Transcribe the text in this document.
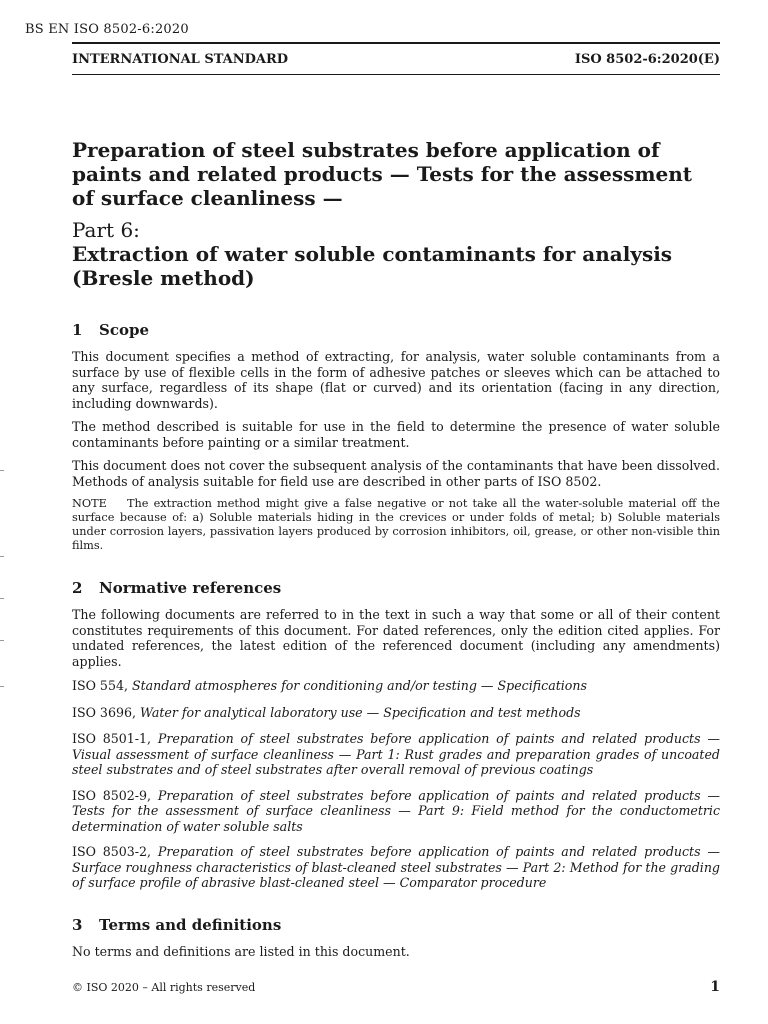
BS EN ISO 8502-6:2020
INTERNATIONAL STANDARD	ISO 8502-6:2020(E)
Preparation of steel substrates before application of paints and related products — Tests for the assessment of surface cleanliness —
Part 6:
Extraction of water soluble contaminants for analysis (Bresle method)
1 Scope

This document specifies a method of extracting, for analysis, water soluble contaminants from a surface by use of flexible cells in the form of adhesive patches or sleeves which can be attached to any surface, regardless of its shape (flat or curved) and its orientation (facing in any direction, including downwards).

The method described is suitable for use in the field to determine the presence of water soluble contaminants before painting or a similar treatment.

This document does not cover the subsequent analysis of the contaminants that have been dissolved. Methods of analysis suitable for field use are described in other parts of ISO 8502.

NOTE The extraction method might give a false negative or not take all the water-soluble material off the surface because of: a) Soluble materials hiding in the crevices or under folds of metal; b) Soluble materials under corrosion layers, passivation layers produced by corrosion inhibitors, oil, grease, or other non-visible thin films.

2 Normative references

The following documents are referred to in the text in such a way that some or all of their content constitutes requirements of this document. For dated references, only the edition cited applies. For undated references, the latest edition of the referenced document (including any amendments) applies.

ISO 554, Standard atmospheres for conditioning and/or testing — Specifications

ISO 3696, Water for analytical laboratory use — Specification and test methods

ISO 8501-1, Preparation of steel substrates before application of paints and related products — Visual assessment of surface cleanliness — Part 1: Rust grades and preparation grades of uncoated steel substrates and of steel substrates after overall removal of previous coatings

ISO 8502-9, Preparation of steel substrates before application of paints and related products — Tests for the assessment of surface cleanliness — Part 9: Field method for the conductometric determination of water soluble salts

ISO 8503-2, Preparation of steel substrates before application of paints and related products — Surface roughness characteristics of blast-cleaned steel substrates — Part 2: Method for the grading of surface profile of abrasive blast-cleaned steel — Comparator procedure

3 Terms and definitions

No terms and definitions are listed in this document.

© ISO 2020 – All rights reserved	1
